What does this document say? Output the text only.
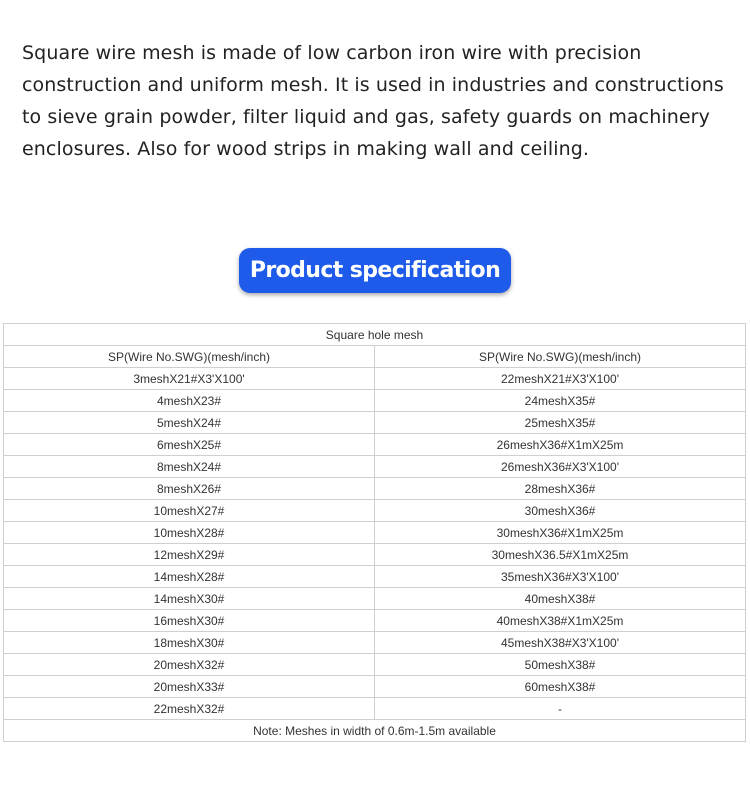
Square wire mesh is made of low carbon iron wire with precision construction and uniform mesh. It is used in industries and constructions to sieve grain powder, filter liquid and gas, safety guards on machinery enclosures. Also for wood strips in making wall and ceiling.

Product specification
Square hole mesh	
SP(Wire No.SWG)(mesh/inch)	SP(Wire No.SWG)(mesh/inch)
3meshX21#X3'X100'	22meshX21#X3'X100'
4meshX23#	24meshX35#
5meshX24#	25meshX35#
6meshX25#	26meshX36#X1mX25m
8meshX24#	26meshX36#X3'X100'
8meshX26#	28meshX36#
10meshX27#	30meshX36#
10meshX28#	30meshX36#X1mX25m
12meshX29#	30meshX36.5#X1mX25m
14meshX28#	35meshX36#X3'X100'
14meshX30#	40meshX38#
16meshX30#	40meshX38#X1mX25m
18meshX30#	45meshX38#X3'X100'
20meshX32#	50meshX38#
20meshX33#	60meshX38#
22meshX32#	-
Note: Meshes in width of 0.6m-1.5m available	
